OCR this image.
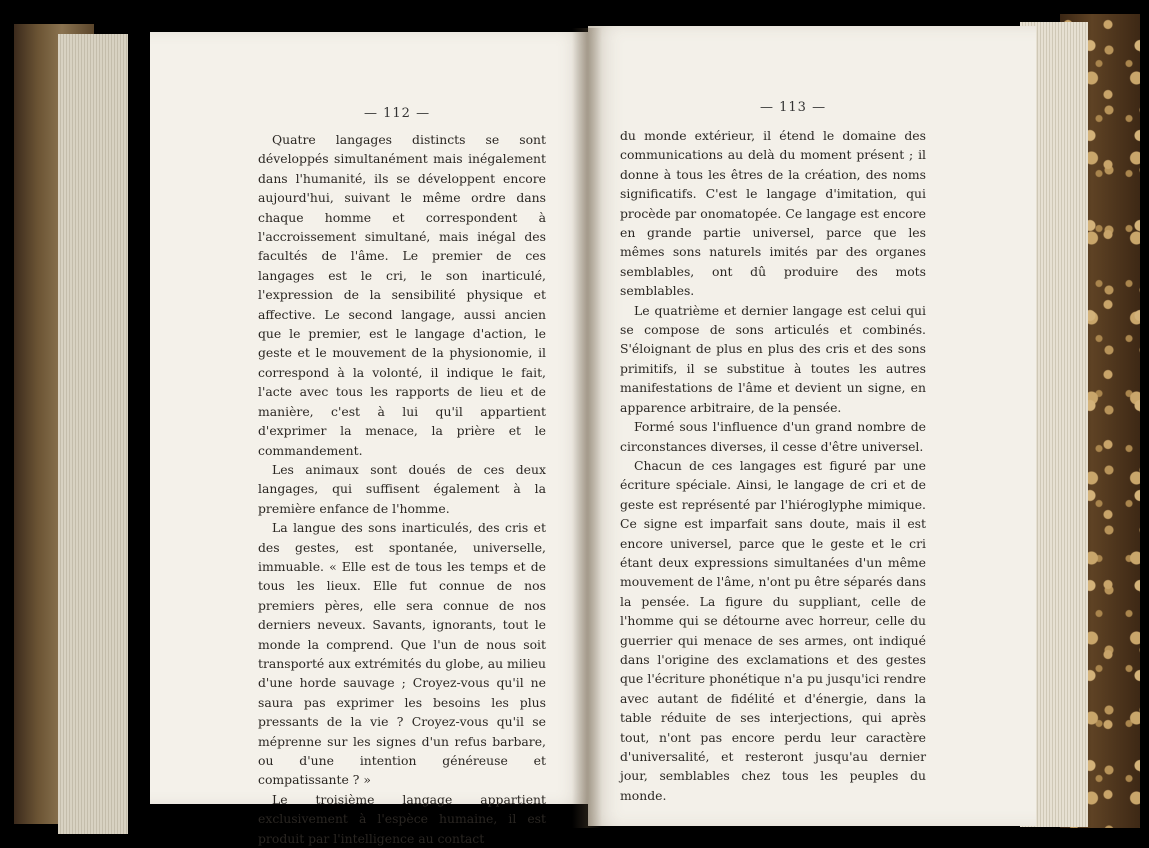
— 112 —

Quatre langages distincts se sont développés simultanément mais inégalement dans l'humanité, ils se développent encore aujourd'hui, suivant le même ordre dans chaque homme et correspondent à l'accroissement simultané, mais inégal des facultés de l'âme. Le premier de ces langages est le cri, le son inarticulé, l'expression de la sensibilité physique et affective. Le second langage, aussi ancien que le premier, est le langage d'action, le geste et le mouvement de la physionomie, il correspond à la volonté, il indique le fait, l'acte avec tous les rapports de lieu et de manière, c'est à lui qu'il appartient d'exprimer la menace, la prière et le commandement.

Les animaux sont doués de ces deux langages, qui suffisent également à la première enfance de l'homme.

La langue des sons inarticulés, des cris et des gestes, est spontanée, universelle, immuable. « Elle est de tous les temps et de tous les lieux. Elle fut connue de nos premiers pères, elle sera connue de nos derniers neveux. Savants, ignorants, tout le monde la comprend. Que l'un de nous soit transporté aux extrémités du globe, au milieu d'une horde sauvage ; Croyez-vous qu'il ne saura pas exprimer les besoins les plus pressants de la vie ? Croyez-vous qu'il se méprenne sur les signes d'un refus barbare, ou d'une intention généreuse et compatissante ? »

Le troisième langage appartient exclusivement à l'espèce humaine, il est produit par l'intelligence au contact

— 113 —

du monde extérieur, il étend le domaine des communications au delà du moment présent ; il donne à tous les êtres de la création, des noms significatifs. C'est le langage d'imitation, qui procède par onomatopée. Ce langage est encore en grande partie universel, parce que les mêmes sons naturels imités par des organes semblables, ont dû produire des mots semblables.

Le quatrième et dernier langage est celui qui se compose de sons articulés et combinés. S'éloignant de plus en plus des cris et des sons primitifs, il se substitue à toutes les autres manifestations de l'âme et devient un signe, en apparence arbitraire, de la pensée.

Formé sous l'influence d'un grand nombre de circonstances diverses, il cesse d'être universel.

Chacun de ces langages est figuré par une écriture spéciale. Ainsi, le langage de cri et de geste est représenté par l'hiéroglyphe mimique. Ce signe est imparfait sans doute, mais il est encore universel, parce que le geste et le cri étant deux expressions simultanées d'un même mouvement de l'âme, n'ont pu être séparés dans la pensée. La figure du suppliant, celle de l'homme qui se détourne avec horreur, celle du guerrier qui menace de ses armes, ont indiqué dans l'origine des exclamations et des gestes que l'écriture phonétique n'a pu jusqu'ici rendre avec autant de fidélité et d'énergie, dans la table réduite de ses interjections, qui après tout, n'ont pas encore perdu leur caractère d'universalité, et resteront jusqu'au dernier jour, semblables chez tous les peuples du monde.
